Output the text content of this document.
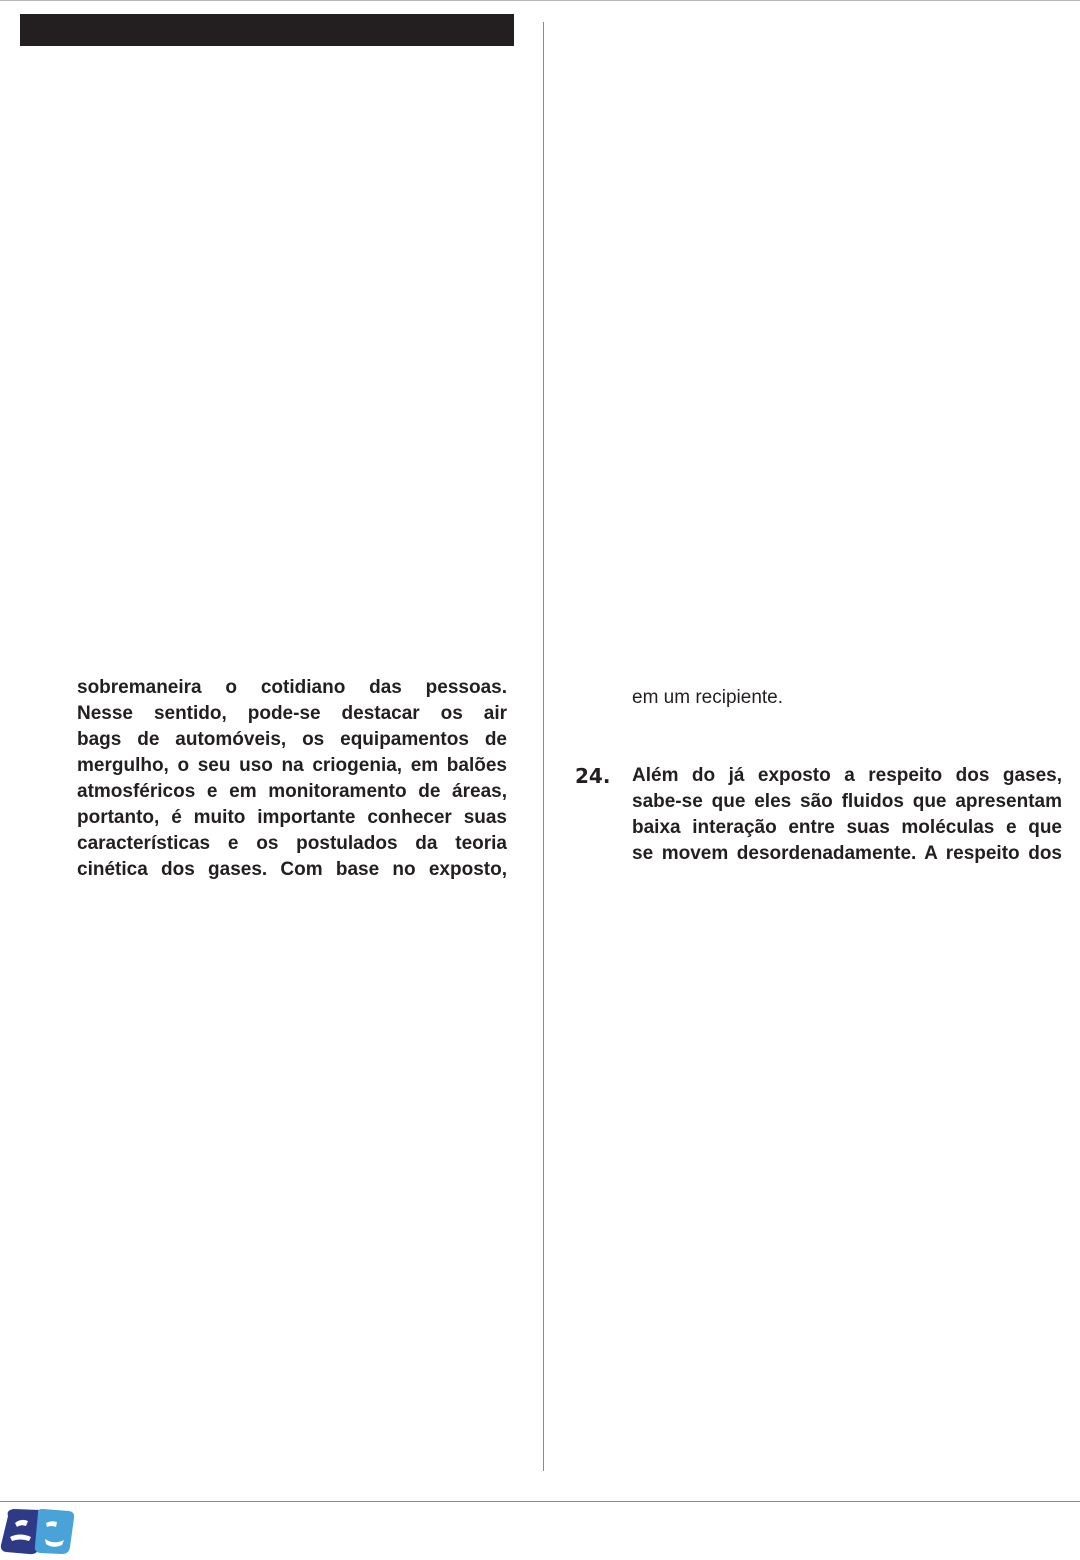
sobremaneira o cotidiano das pessoas.
Nesse sentido, pode-se destacar os air
bags de automóveis, os equipamentos de
mergulho, o seu uso na criogenia, em balões
atmosféricos e em monitoramento de áreas,
portanto, é muito importante conhecer suas
características e os postulados da teoria
cinética dos gases. Com base no exposto,

em um recipiente.

24. Além do já exposto a respeito dos gases,
sabe-se que eles são fluidos que apresentam
baixa interação entre suas moléculas e que
se movem desordenadamente. A respeito dos
